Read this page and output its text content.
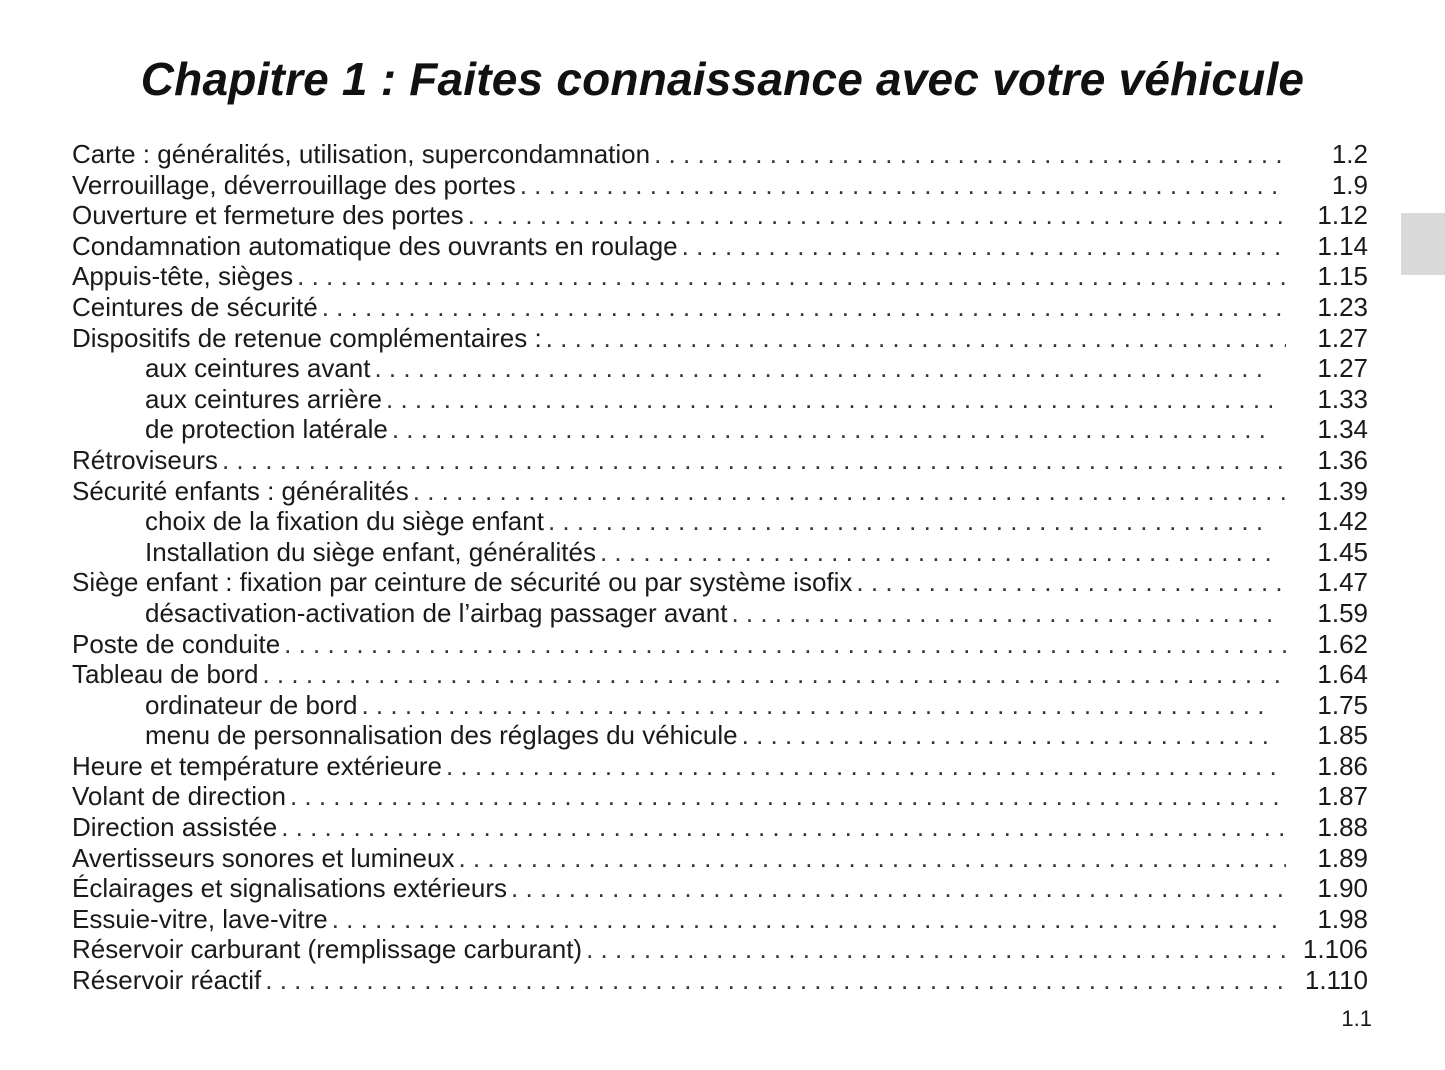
Chapitre 1 : Faites connaissance avec votre véhicule
Carte : généralités, utilisation, supercondamnation . . .	1.2
Verrouillage, déverrouillage des portes . . .	1.9
Ouverture et fermeture des portes . . .	1.12
Condamnation automatique des ouvrants en roulage . . .	1.14
Appuis-tête, sièges . . .	1.15
Ceintures de sécurité . . .	1.23
Dispositifs de retenue complémentaires : . . .	1.27
aux ceintures avant . . .	1.27
aux ceintures arrière . . .	1.33
de protection latérale . . .	1.34
Rétroviseurs . . .	1.36
Sécurité enfants : généralités . . .	1.39
choix de la fixation du siège enfant . . .	1.42
Installation du siège enfant, généralités . . .	1.45
Siège enfant : fixation par ceinture de sécurité ou par système isofix . . .	1.47
désactivation-activation de l’airbag passager avant . . .	1.59
Poste de conduite . . .	1.62
Tableau de bord . . .	1.64
ordinateur de bord . . .	1.75
menu de personnalisation des réglages du véhicule . . .	1.85
Heure et température extérieure . . .	1.86
Volant de direction . . .	1.87
Direction assistée . . .	1.88
Avertisseurs sonores et lumineux . . .	1.89
Éclairages et signalisations extérieurs . . .	1.90
Essuie-vitre, lave-vitre . . .	1.98
Réservoir carburant (remplissage carburant) . . .	1.106
Réservoir réactif . . .	1.110
1.1
